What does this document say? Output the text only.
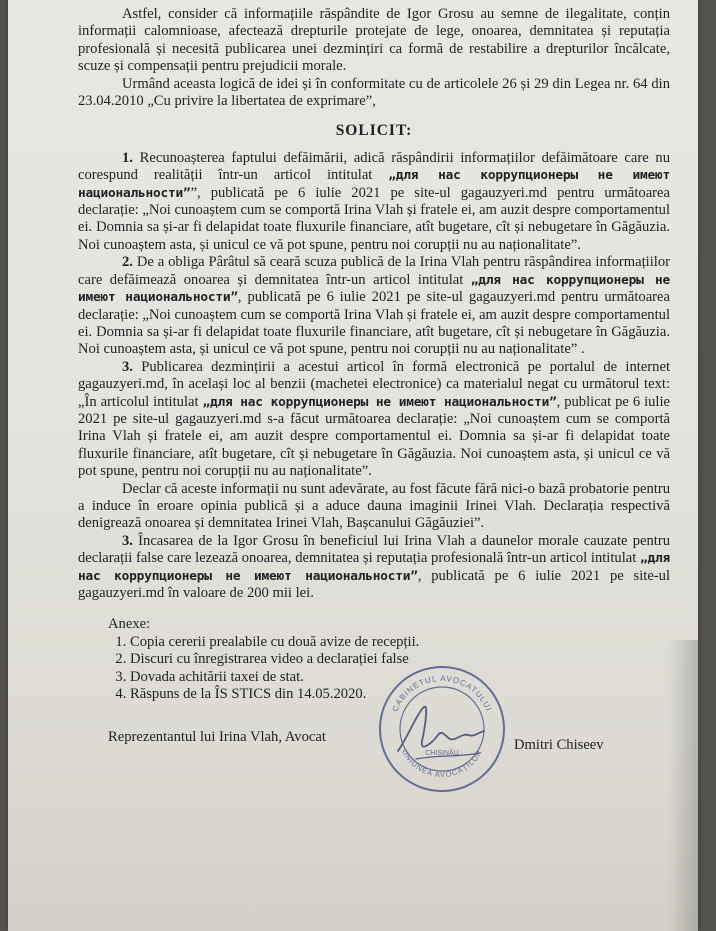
Astfel, consider că informațiile răspândite de Igor Grosu au semne de ilegalitate, conțin informații calomnioase, afectează drepturile protejate de lege, onoarea, demnitatea și reputația profesională și necesită publicarea unei dezmințiri ca formă de restabilire a drepturilor încălcate, scuze și compensații pentru prejudicii morale.

Urmând aceasta logică de idei și în conformitate cu de articolele 26 și 29 din Legea nr. 64 din 23.04.2010 „Cu privire la libertatea de exprimare”,

SOLICIT:

1. Recunoașterea faptului defăimării, adică răspândirii informațiilor defăimătoare care nu corespund realității într-un articol intitulat „для нас коррупционеры не имеют национальности””, publicată pe 6 iulie 2021 pe site-ul gagauzyeri.md pentru următoarea declarație: „Noi cunoaștem cum se comportă Irina Vlah și fratele ei, am auzit despre comportamentul ei. Domnia sa și-ar fi delapidat toate fluxurile financiare, atît bugetare, cît și nebugetare în Găgăuzia. Noi cunoaștem asta, și unicul ce vă pot spune, pentru noi corupții nu au naționalitate”.

2. De a obliga Pârâtul să ceară scuza publică de la Irina Vlah pentru răspândirea informațiilor care defăimează onoarea și demnitatea într-un articol intitulat „для нас коррупционеры не имеют национальности”, publicată pe 6 iulie 2021 pe site-ul gagauzyeri.md pentru următoarea declarație: „Noi cunoaștem cum se comportă Irina Vlah și fratele ei, am auzit despre comportamentul ei. Domnia sa și-ar fi delapidat toate fluxurile financiare, atît bugetare, cît și nebugetare în Găgăuzia. Noi cunoaștem asta, și unicul ce vă pot spune, pentru noi corupții nu au naționalitate” .

3. Publicarea dezmințirii a acestui articol în formă electronică pe portalul de internet gagauzyeri.md, în același loc al benzii (machetei electronice) ca materialul negat cu următorul text: „În articolul intitulat „для нас коррупционеры не имеют национальности”, publicat pe 6 iulie 2021 pe site-ul gagauzyeri.md s-a făcut următoarea declarație: „Noi cunoaștem cum se comportă Irina Vlah și fratele ei, am auzit despre comportamentul ei. Domnia sa și-ar fi delapidat toate fluxurile financiare, atît bugetare, cît și nebugetare în Găgăuzia. Noi cunoaștem asta, și unicul ce vă pot spune, pentru noi corupții nu au naționalitate”.

Declar că aceste informații nu sunt adevărate, au fost făcute fără nici-o bază probatorie pentru a induce în eroare opinia publică și a aduce dauna imaginii Irinei Vlah. Declarația respectivă denigrează onoarea și demnitatea Irinei Vlah, Bașcanului Găgăuziei”.

3. Încasarea de la Igor Grosu în beneficiul lui Irina Vlah a daunelor morale cauzate pentru declarații false care lezează onoarea, demnitatea și reputația profesională într-un articol intitulat „для нас коррупционеры не имеют национальности”, publicată pe 6 iulie 2021 pe site-ul gagauzyeri.md în valoare de 200 mii lei.

Anexe:
1. Copia cererii prealabile cu două avize de recepții.
2. Discuri cu înregistrarea video a declarației false
3. Dovada achitării taxei de stat.
4. Răspuns de la ÎS STICS din 14.05.2020.
Reprezentantul lui Irina Vlah, Avocat
CABINETUL AVOCATULUI
UNIUNEA AVOCAȚILOR
CHIȘINĂU
Dmitri Chiseev
